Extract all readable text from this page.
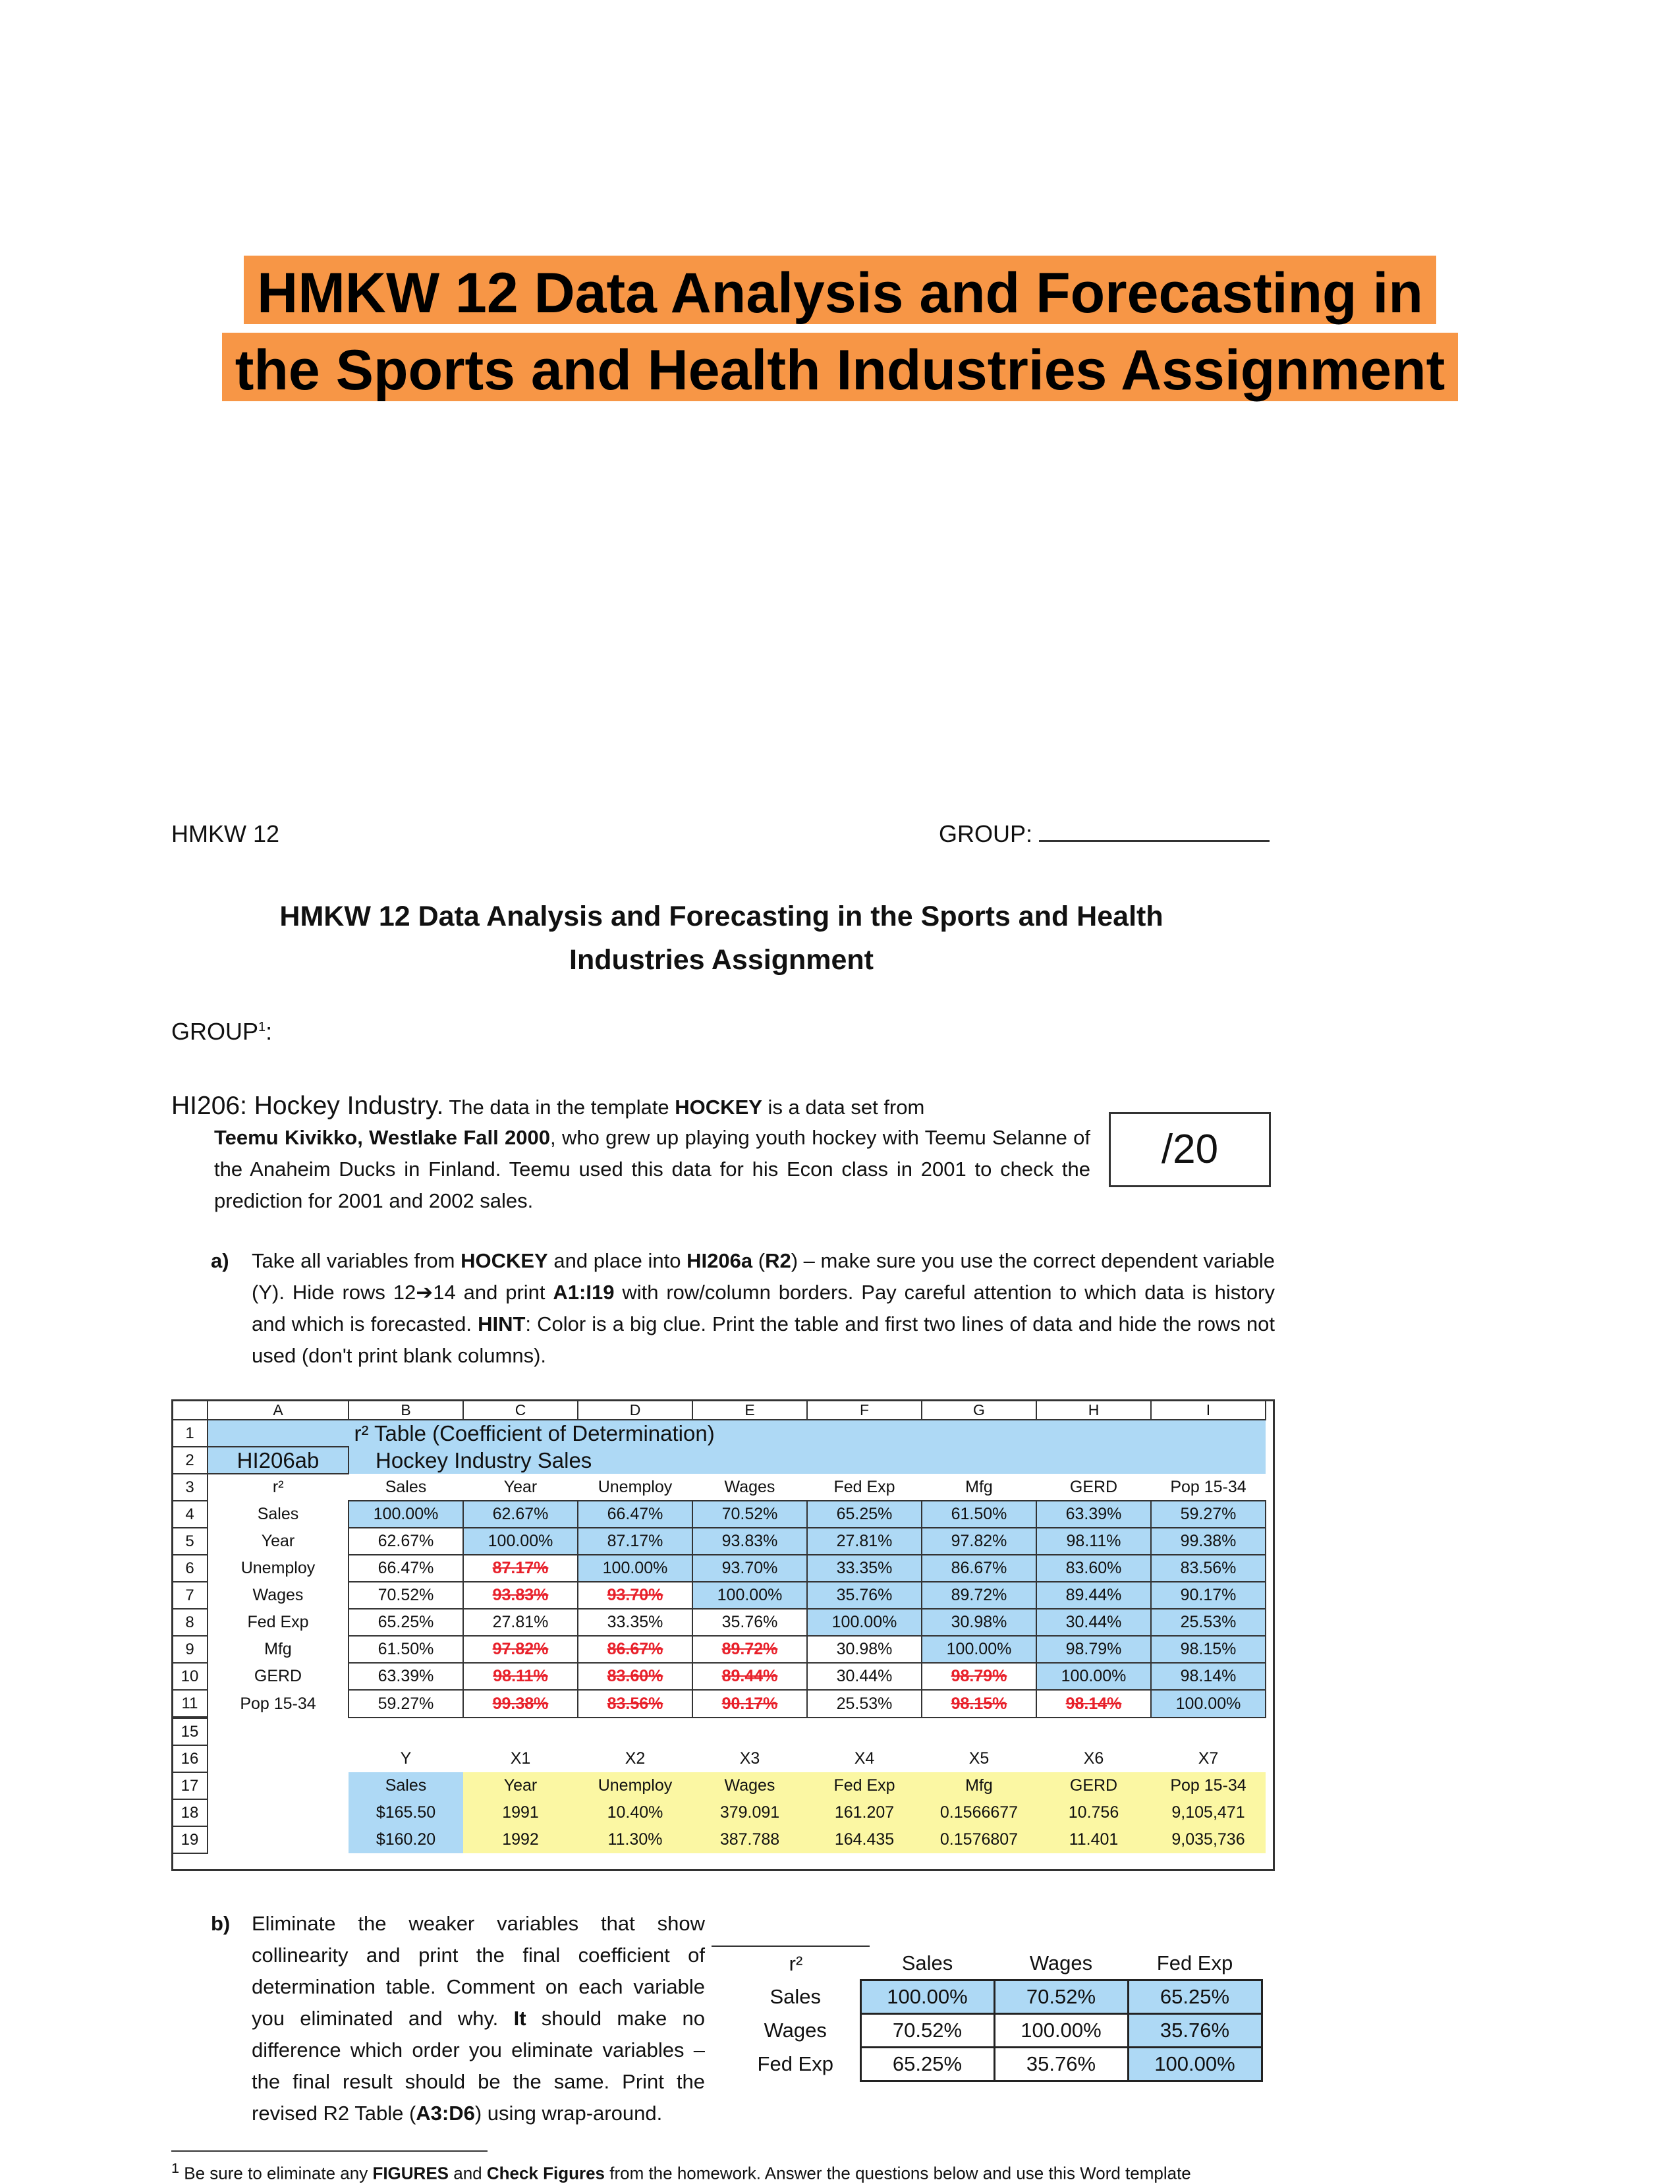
HMKW 12 Data Analysis and Forecasting in
the Sports and Health Industries Assignment
HMKW 12	GROUP:
HMKW 12 Data Analysis and Forecasting in the Sports and Health
Industries Assignment
GROUP$^1$:
HI206: Hockey Industry. The data in the template HOCKEY is a data set from

Teemu Kivikko, Westlake Fall 2000, who grew up playing youth hockey with Teemu Selanne of the Anaheim Ducks in Finland. Teemu used this data for his Econ class in 2001 to check the prediction for 2001 and 2002 sales.
/20
a) Take all variables from HOCKEY and place into HI206a (R2) – make sure you use the correct dependent variable (Y). Hide rows 12➔14 and print A1:I19 with row/column borders. Pay careful attention to which data is history and which is forecasted. HINT: Color is a big clue. Print the table and first two lines of data and hide the rows not used (don't print blank columns).
	A	B	C	D	E	F	G	H	I
1		r² Table (Coefficient of Determination)							
2	HI206ab	Hockey Industry Sales							
3	r²	Sales	Year	Unemploy	Wages	Fed Exp	Mfg	GERD	Pop 15-34
4	Sales	100.00%	62.67%	66.47%	70.52%	65.25%	61.50%	63.39%	59.27%
5	Year	62.67%	100.00%	87.17%	93.83%	27.81%	97.82%	98.11%	99.38%
6	Unemploy	66.47%	87.17%	100.00%	93.70%	33.35%	86.67%	83.60%	83.56%
7	Wages	70.52%	93.83%	93.70%	100.00%	35.76%	89.72%	89.44%	90.17%
8	Fed Exp	65.25%	27.81%	33.35%	35.76%	100.00%	30.98%	30.44%	25.53%
9	Mfg	61.50%	97.82%	86.67%	89.72%	30.98%	100.00%	98.79%	98.15%
10	GERD	63.39%	98.11%	83.60%	89.44%	30.44%	98.79%	100.00%	98.14%
11	Pop 15-34	59.27%	99.38%	83.56%	90.17%	25.53%	98.15%	98.14%	100.00%
15									
16		Y	X1	X2	X3	X4	X5	X6	X7
17		Sales	Year	Unemploy	Wages	Fed Exp	Mfg	GERD	Pop 15-34
18		$165.50	1991	10.40%	379.091	161.207	0.1566677	10.756	9,105,471
19		$160.20	1992	11.30%	387.788	164.435	0.1576807	11.401	9,035,736
b) Eliminate the weaker variables that show collinearity and print the final coefficient of determination table. Comment on each variable you eliminated and why. It should make no difference which order you eliminate variables – the final result should be the same. Print the revised R2 Table (A3:D6) using wrap-around.
r²	Sales	Wages	Fed Exp
Sales	100.00%	70.52%	65.25%
Wages	70.52%	100.00%	35.76%
Fed Exp	65.25%	35.76%	100.00%
$^1$ Be sure to eliminate any FIGURES and Check Figures from the homework. Answer the questions below and use this Word template
